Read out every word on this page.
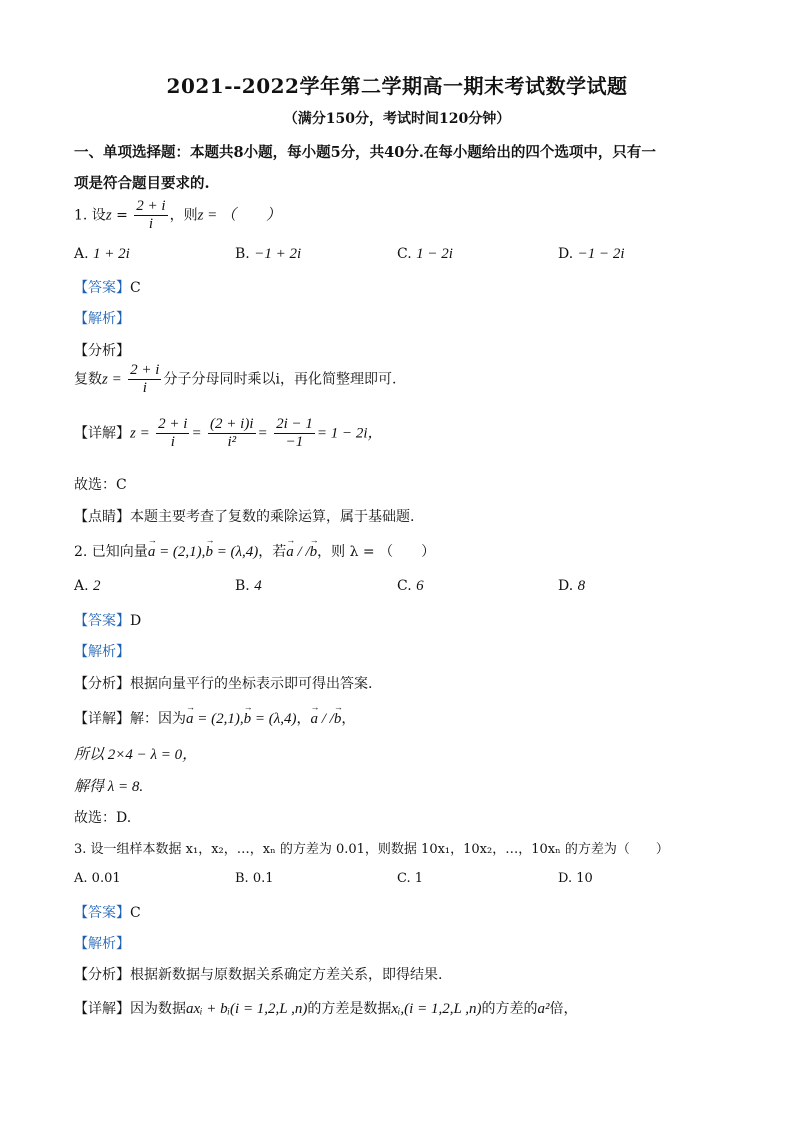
2021--2022学年第二学期高一期末考试数学试题
（满分150分，考试时间120分钟）
一、单项选择题：本题共8小题，每小题5分，共40分.在每小题给出的四个选项中，只有一
项是符合题目要求的.
1. 设$z = \frac{2 + i}{i}$ ，则z = （　　）
A. 1 + 2i	B. −1 + 2i	C. 1 − 2i	D. −1 − 2i
【答案】C
【解析】
【分析】
复数$z = \frac{2 + i}{i}$ 分子分母同时乘以i，再化简整理即可.
【详解】$z = \frac{2 + i}{i} = \frac{(2 + i)i}{\text{i²}} = \frac{2i - 1}{-1} = 1 - 2i$，
故选：C
【点睛】本题主要考查了复数的乘除运算，属于基础题.
2. 已知向量→ a = (2,1),→ b = (λ,4)，若→ a / /→ b，则 λ = （　　）
A. 2	B. 4	C. 6	D. 8
【答案】D
【解析】
【分析】根据向量平行的坐标表示即可得出答案.
【详解】解：因为→ a = (2,1),→ b = (λ,4)，→ a / /→ b，
所以 2×4 − λ = 0，
解得 λ = 8.
故选：D.
3. 设一组样本数据 x₁，x₂，…，xₙ 的方差为 0.01，则数据 10x₁，10x₂，…，10xₙ 的方差为（　　）
A. 0.01	B. 0.1	C. 1	D. 10
【答案】C
【解析】
【分析】根据新数据与原数据关系确定方差关系，即得结果.
【详解】因为数据axᵢ + bᵢ(i = 1,2,L ,n)的方差是数据xᵢ,(i = 1,2,L ,n)的方差的a²倍，
